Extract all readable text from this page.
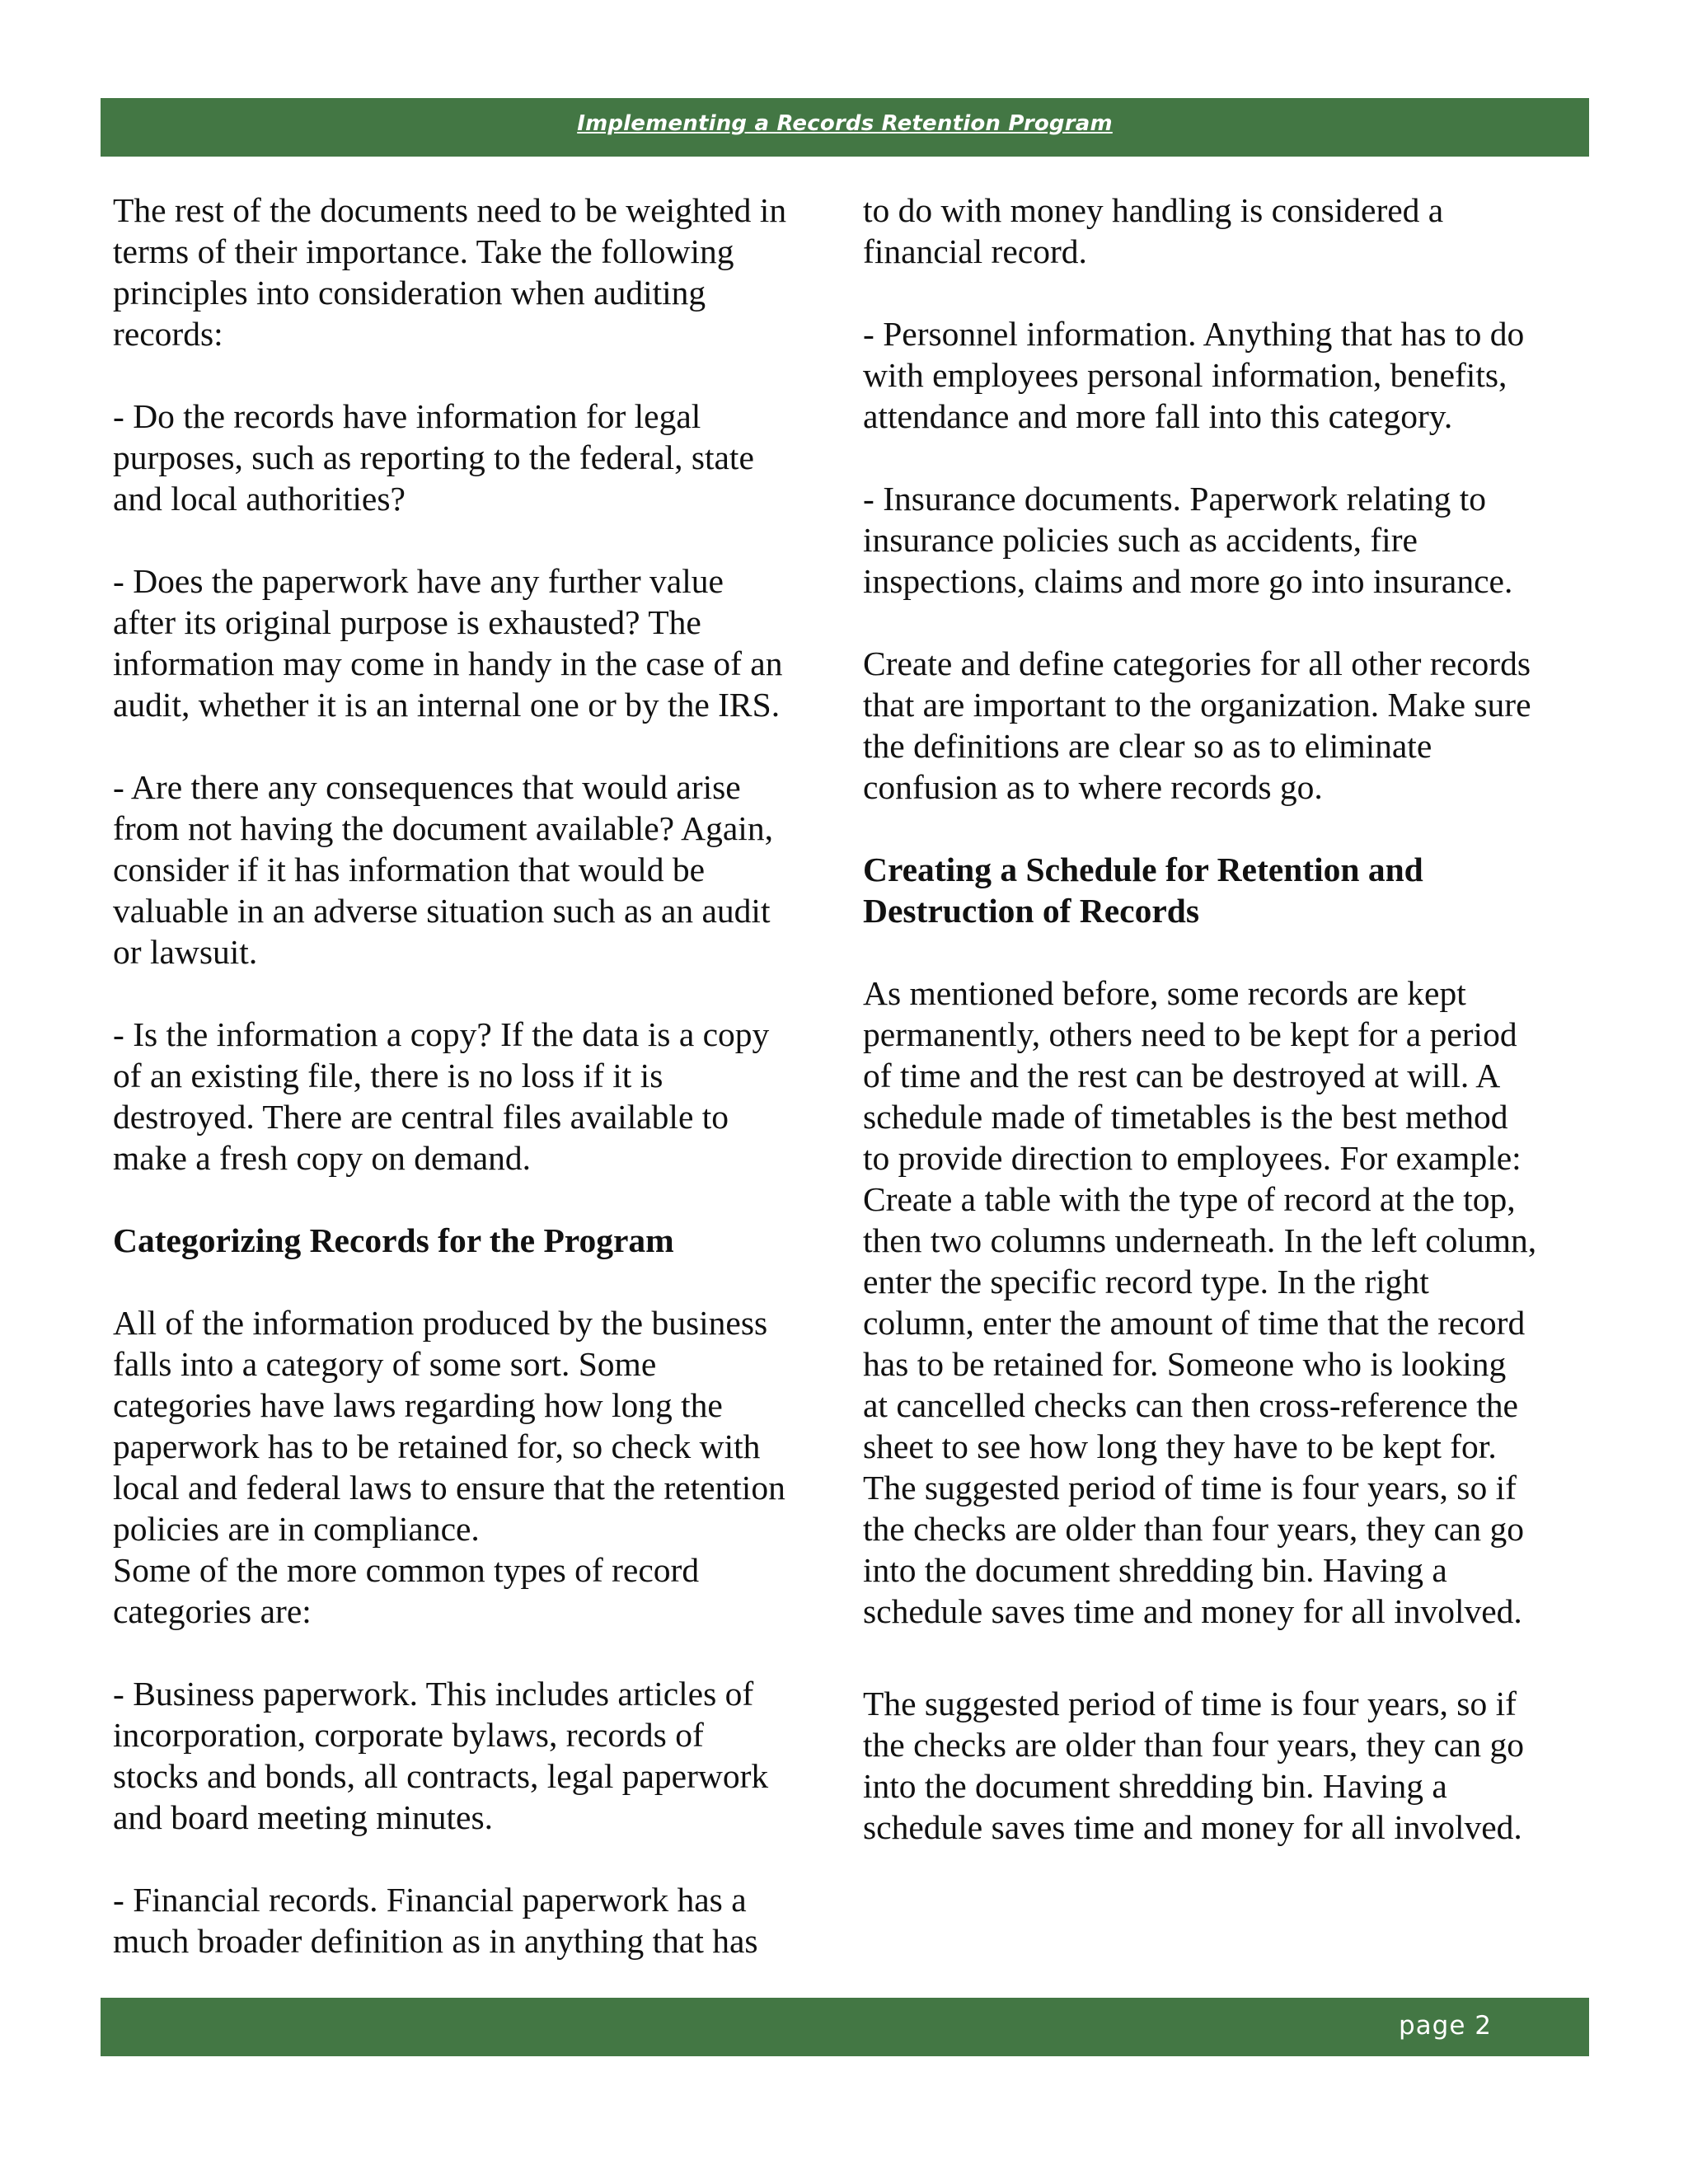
Implementing a Records Retention Program
The rest of the documents need to be weighted in
terms of their importance. Take the following
principles into consideration when auditing
records:
- Do the records have information for legal
purposes, such as reporting to the federal, state
and local authorities?
- Does the paperwork have any further value
after its original purpose is exhausted? The
information may come in handy in the case of an
audit, whether it is an internal one or by the IRS.
- Are there any consequences that would arise
from not having the document available? Again,
consider if it has information that would be
valuable in an adverse situation such as an audit
or lawsuit.
- Is the information a copy? If the data is a copy
of an existing file, there is no loss if it is
destroyed. There are central files available to
make a fresh copy on demand.
Categorizing Records for the Program
All of the information produced by the business
falls into a category of some sort. Some
categories have laws regarding how long the
paperwork has to be retained for, so check with
local and federal laws to ensure that the retention
policies are in compliance.
Some of the more common types of record
categories are:
- Business paperwork. This includes articles of
incorporation, corporate bylaws, records of
stocks and bonds, all contracts, legal paperwork
and board meeting minutes.
- Financial records. Financial paperwork has a
much broader definition as in anything that has
to do with money handling is considered a
financial record.
- Personnel information. Anything that has to do
with employees personal information, benefits,
attendance and more fall into this category.
- Insurance documents. Paperwork relating to
insurance policies such as accidents, fire
inspections, claims and more go into insurance.
Create and define categories for all other records
that are important to the organization. Make sure
the definitions are clear so as to eliminate
confusion as to where records go.
Creating a Schedule for Retention and
Destruction of Records
As mentioned before, some records are kept
permanently, others need to be kept for a period
of time and the rest can be destroyed at will. A
schedule made of timetables is the best method
to provide direction to employees. For example:
Create a table with the type of record at the top,
then two columns underneath. In the left column,
enter the specific record type. In the right
column, enter the amount of time that the record
has to be retained for. Someone who is looking
at cancelled checks can then cross-reference the
sheet to see how long they have to be kept for.
The suggested period of time is four years, so if
the checks are older than four years, they can go
into the document shredding bin. Having a
schedule saves time and money for all involved.
The suggested period of time is four years, so if
the checks are older than four years, they can go
into the document shredding bin. Having a
schedule saves time and money for all involved.
page 2
